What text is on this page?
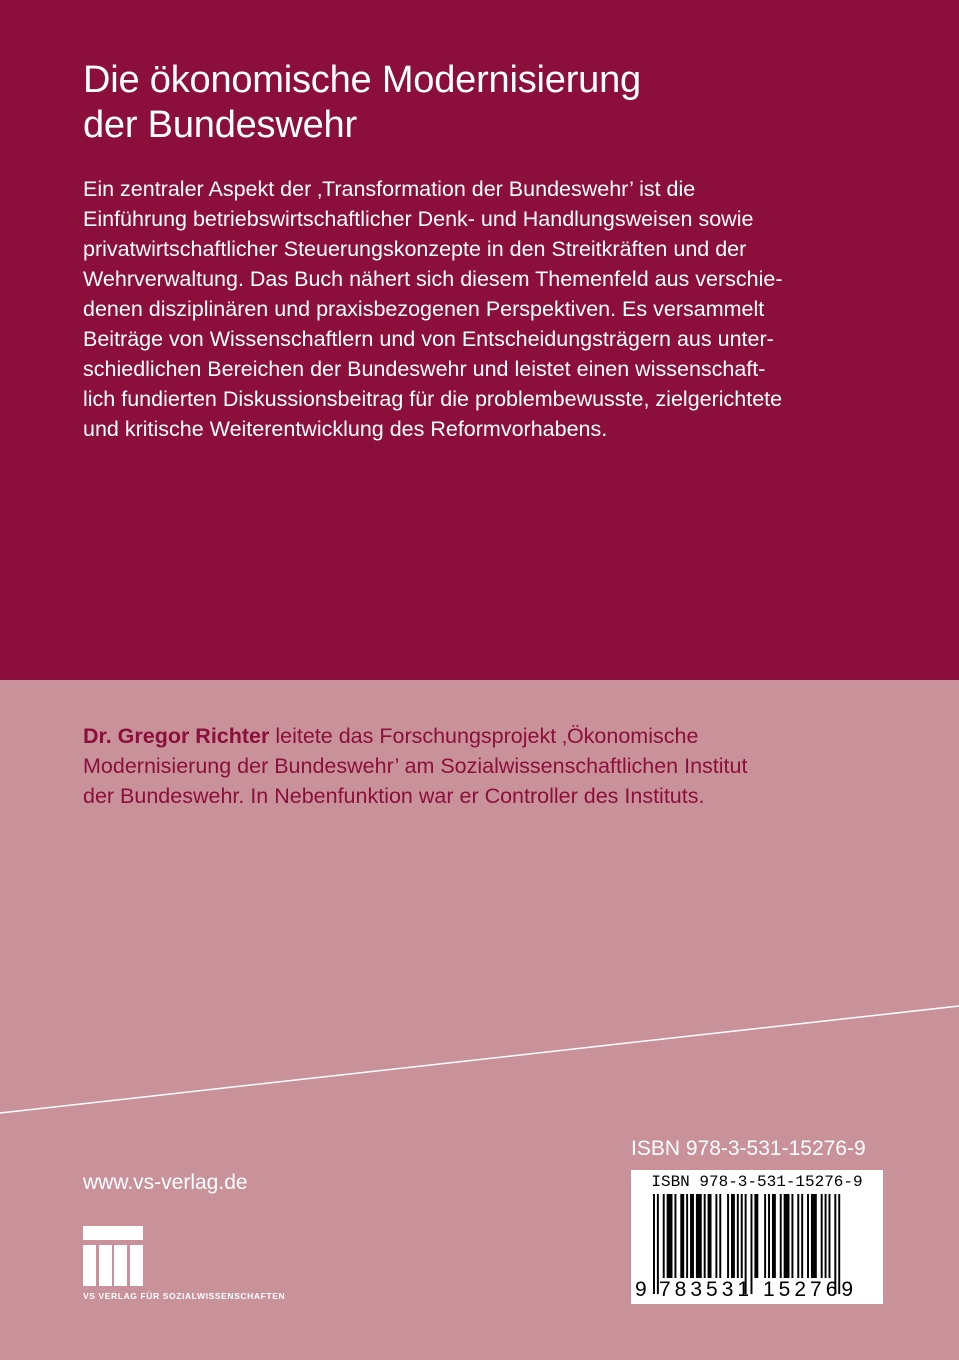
Die ökonomische Modernisierung
der Bundeswehr

Ein zentraler Aspekt der ‚Transformation der Bundeswehr’ ist die
Einführung betriebswirtschaftlicher Denk- und Handlungsweisen sowie
privatwirtschaftlicher Steuerungskonzepte in den Streitkräften und der
Wehrverwaltung. Das Buch nähert sich diesem Themenfeld aus verschie-
denen disziplinären und praxisbezogenen Perspektiven. Es versammelt
Beiträge von Wissenschaftlern und von Entscheidungsträgern aus unter-
schiedlichen Bereichen der Bundeswehr und leistet einen wissenschaft-
lich fundierten Diskussionsbeitrag für die problembewusste, zielgerichtete
und kritische Weiterentwicklung des Reformvorhabens.

Dr. Gregor Richter leitete das Forschungsprojekt ‚Ökonomische
Modernisierung der Bundeswehr’ am Sozialwissenschaftlichen Institut
der Bundeswehr. In Nebenfunktion war er Controller des Instituts.

www.vs-verlag.de
VS VERLAG FÜR SOZIALWISSENSCHAFTEN
ISBN 978-3-531-15276-9
ISBN 978-3-531-15276-9
9 783531 152769
